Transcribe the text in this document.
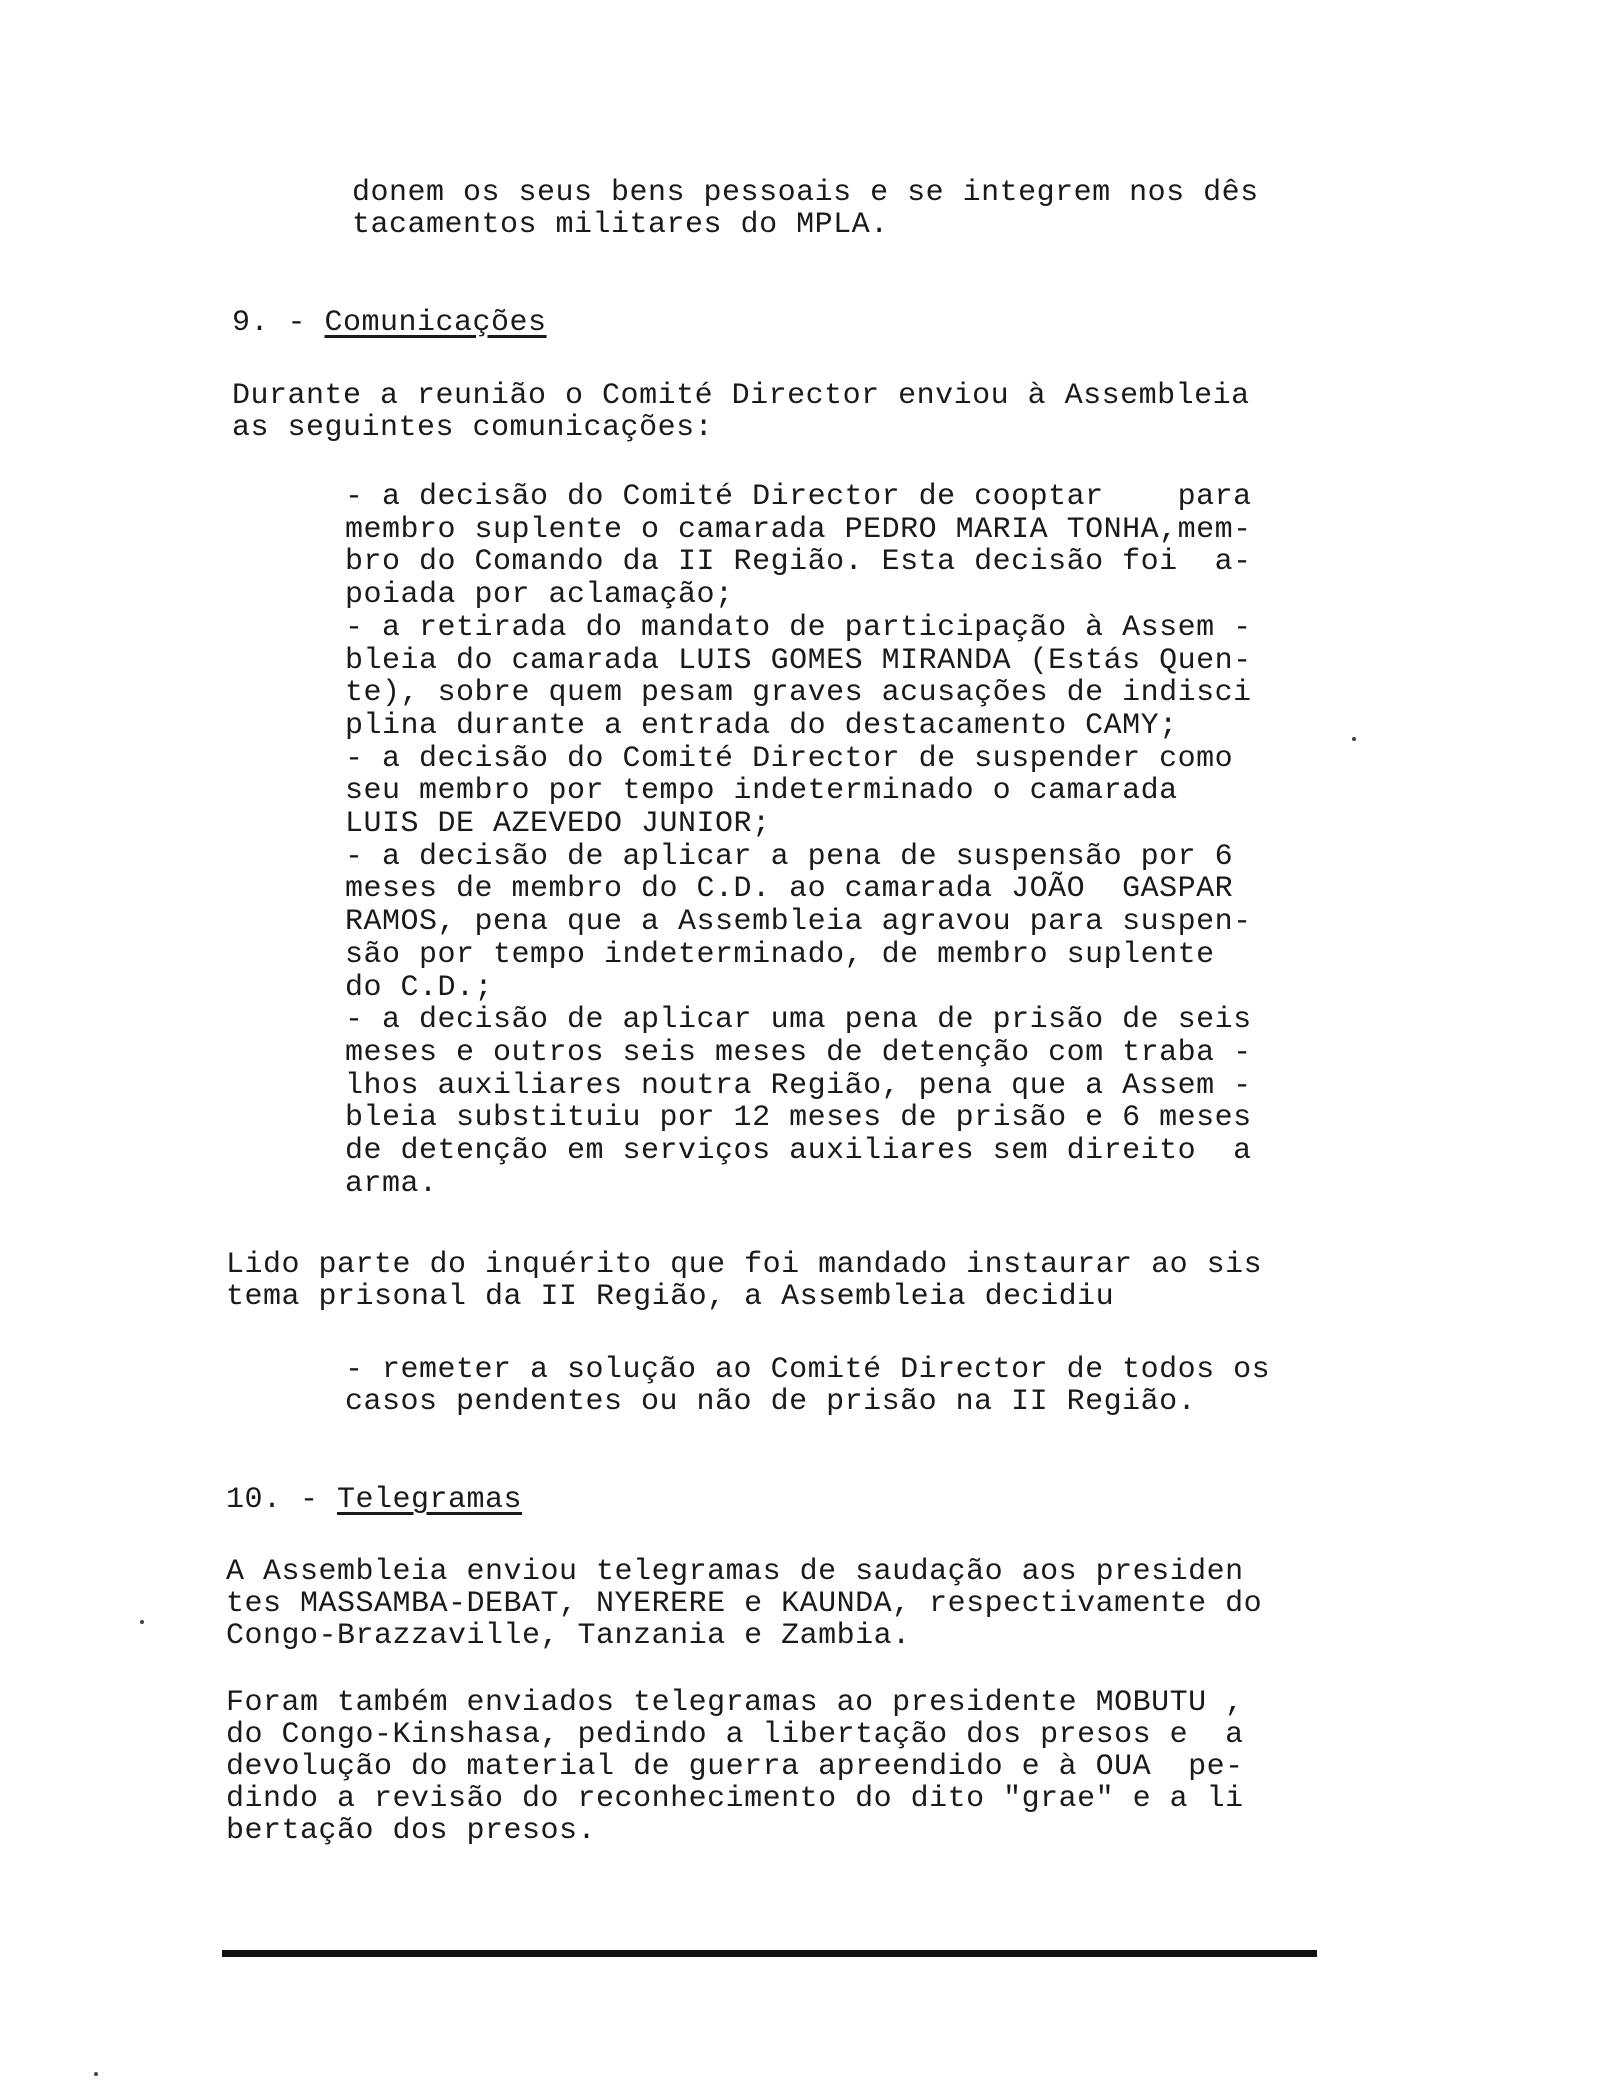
donem os seus bens pessoais e se integrem nos dês
tacamentos militares do MPLA.
9. - Comunicações
Durante a reunião o Comité Director enviou à Assembleia
as seguintes comunicações:
- a decisão do Comité Director de cooptar    para
membro suplente o camarada PEDRO MARIA TONHA,mem-
bro do Comando da II Região. Esta decisão foi  a-
poiada por aclamação;
- a retirada do mandato de participação à Assem -
bleia do camarada LUIS GOMES MIRANDA (Estás Quen-
te), sobre quem pesam graves acusações de indisci
plina durante a entrada do destacamento CAMY;
- a decisão do Comité Director de suspender como
seu membro por tempo indeterminado o camarada
LUIS DE AZEVEDO JUNIOR;
- a decisão de aplicar a pena de suspensão por 6
meses de membro do C.D. ao camarada JOÃO  GASPAR
RAMOS, pena que a Assembleia agravou para suspen-
são por tempo indeterminado, de membro suplente
do C.D.;
- a decisão de aplicar uma pena de prisão de seis
meses e outros seis meses de detenção com traba -
lhos auxiliares noutra Região, pena que a Assem -
bleia substituiu por 12 meses de prisão e 6 meses
de detenção em serviços auxiliares sem direito  a
arma.
Lido parte do inquérito que foi mandado instaurar ao sis
tema prisonal da II Região, a Assembleia decidiu
- remeter a solução ao Comité Director de todos os
casos pendentes ou não de prisão na II Região.
10. - Telegramas
A Assembleia enviou telegramas de saudação aos presiden
tes MASSAMBA-DEBAT, NYERERE e KAUNDA, respectivamente do
Congo-Brazzaville, Tanzania e Zambia.
Foram também enviados telegramas ao presidente MOBUTU ,
do Congo-Kinshasa, pedindo a libertação dos presos e  a
devolução do material de guerra apreendido e à OUA  pe-
dindo a revisão do reconhecimento do dito "grae" e a li
bertação dos presos.
